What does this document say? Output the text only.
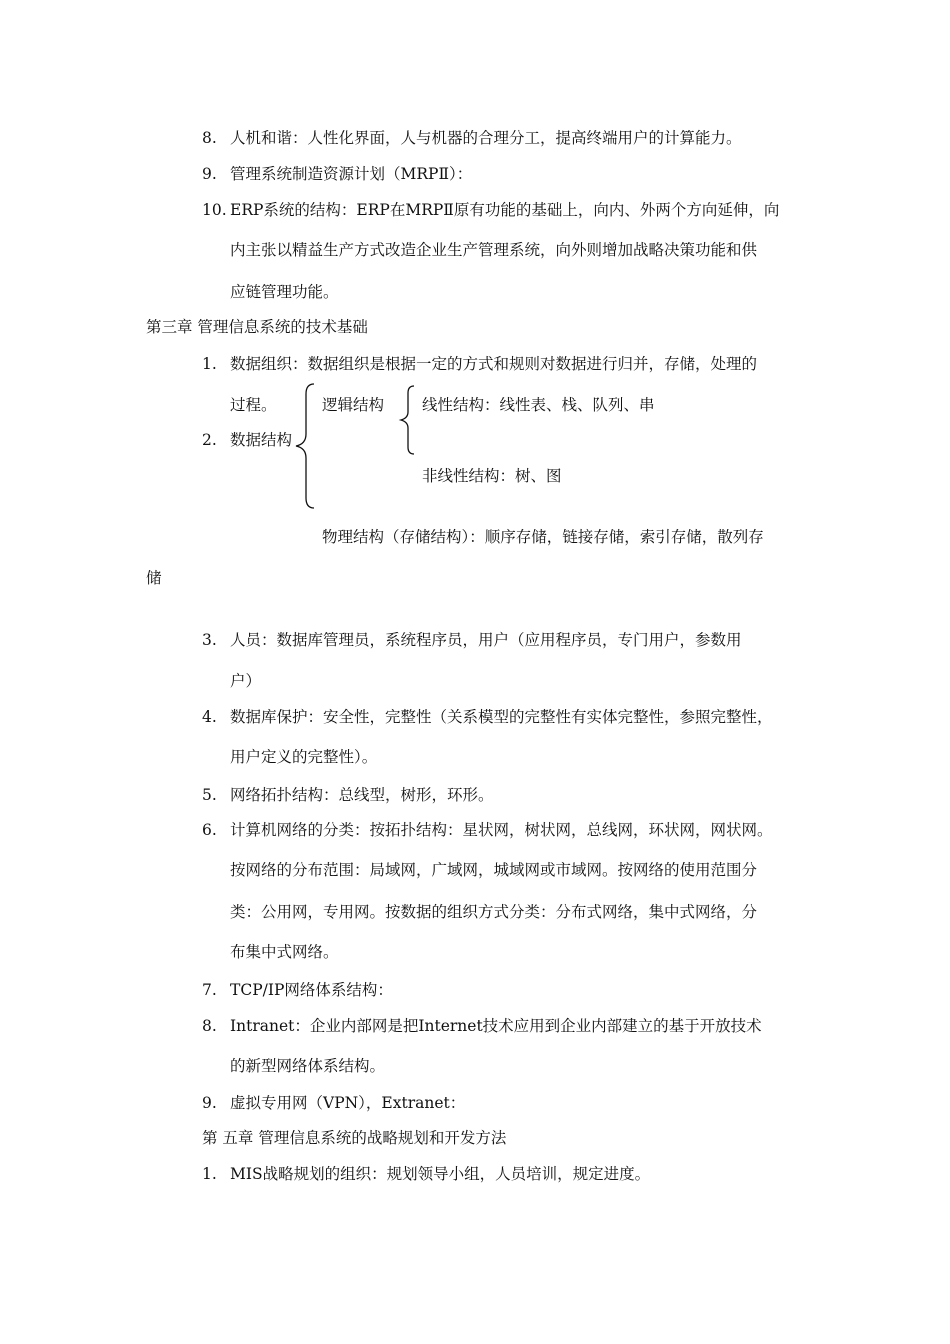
8. 人机和谐：人性化界面，人与机器的合理分工，提高终端用户的计算能力。
9. 管理系统制造资源计划（MRPⅡ）：
10. ERP系统的结构：ERP在MRPⅡ原有功能的基础上，向内、外两个方向延伸，向
内主张以精益生产方式改造企业生产管理系统，向外则增加战略决策功能和供
应链管理功能。
第三章 管理信息系统的技术基础
1. 数据组织：数据组织是根据一定的方式和规则对数据进行归并，存储，处理的
过程。
2. 数据结构
逻辑结构 线性结构：线性表、栈、队列、串
非线性结构：树、图
物理结构（存储结构）：顺序存储，链接存储，索引存储，散列存
储
3. 人员：数据库管理员，系统程序员，用户（应用程序员，专门用户，参数用
户）
4. 数据库保护：安全性，完整性（关系模型的完整性有实体完整性，参照完整性，
用户定义的完整性）。
5. 网络拓扑结构：总线型，树形，环形。
6. 计算机网络的分类：按拓扑结构：星状网，树状网，总线网，环状网，网状网。
按网络的分布范围：局域网，广域网，城域网或市域网。按网络的使用范围分
类：公用网，专用网。按数据的组织方式分类：分布式网络，集中式网络，分
布集中式网络。
7. TCP/IP网络体系结构：
8. Intranet：企业内部网是把Internet技术应用到企业内部建立的基于开放技术
的新型网络体系结构。
9. 虚拟专用网（VPN），Extranet：
第 五章 管理信息系统的战略规划和开发方法
1. MIS战略规划的组织：规划领导小组，人员培训，规定进度。
